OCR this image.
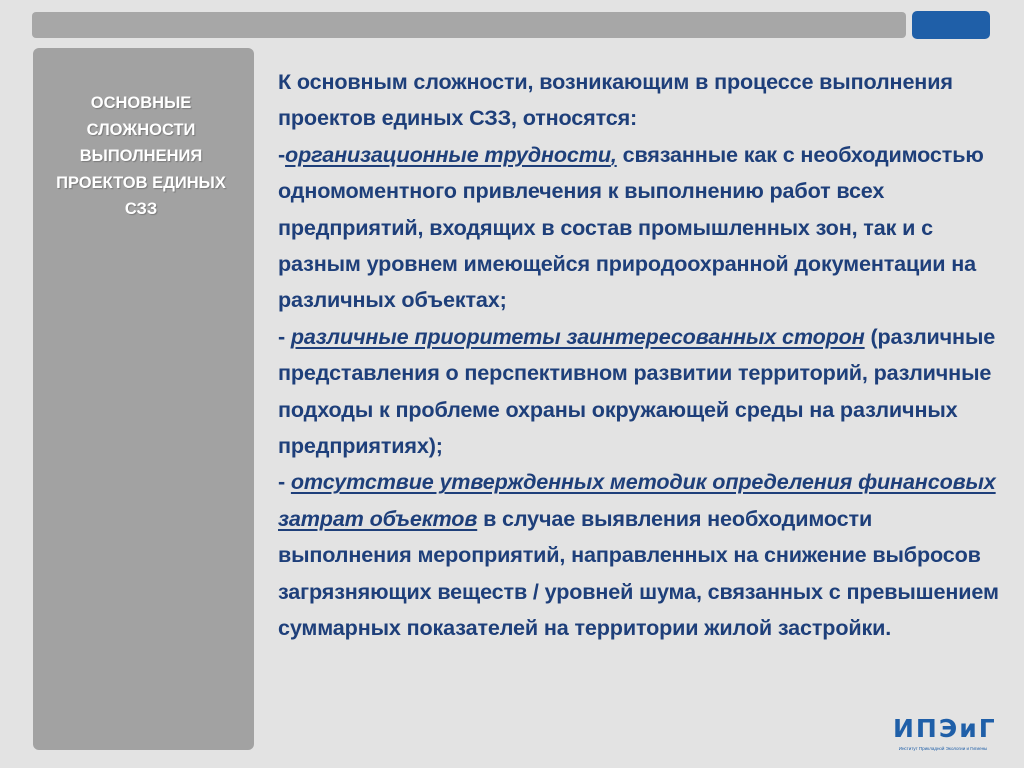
ОСНОВНЫЕ
СЛОЖНОСТИ
ВЫПОЛНЕНИЯ
ПРОЕКТОВ ЕДИНЫХ
СЗЗ

К основным сложности, возникающим в процессе выполнения проектов единых СЗЗ, относятся:

-организационные трудности, связанные как с необходимостью одномоментного привлечения к выполнению работ всех предприятий, входящих в состав промышленных зон, так и с разным уровнем имеющейся природоохранной документации на различных объектах;

- различные приоритеты заинтересованных сторон (различные представления о перспективном развитии территорий, различные подходы к проблеме охраны окружающей среды на различных предприятиях);

- отсутствие утвержденных методик определения финансовых затрат объектов в случае выявления необходимости выполнения мероприятий, направленных на снижение выбросов загрязняющих веществ / уровней шума, связанных с превышением суммарных показателей на территории жилой застройки.

ИПЭиГ
Институт Прикладной Экологии и Гигиены
